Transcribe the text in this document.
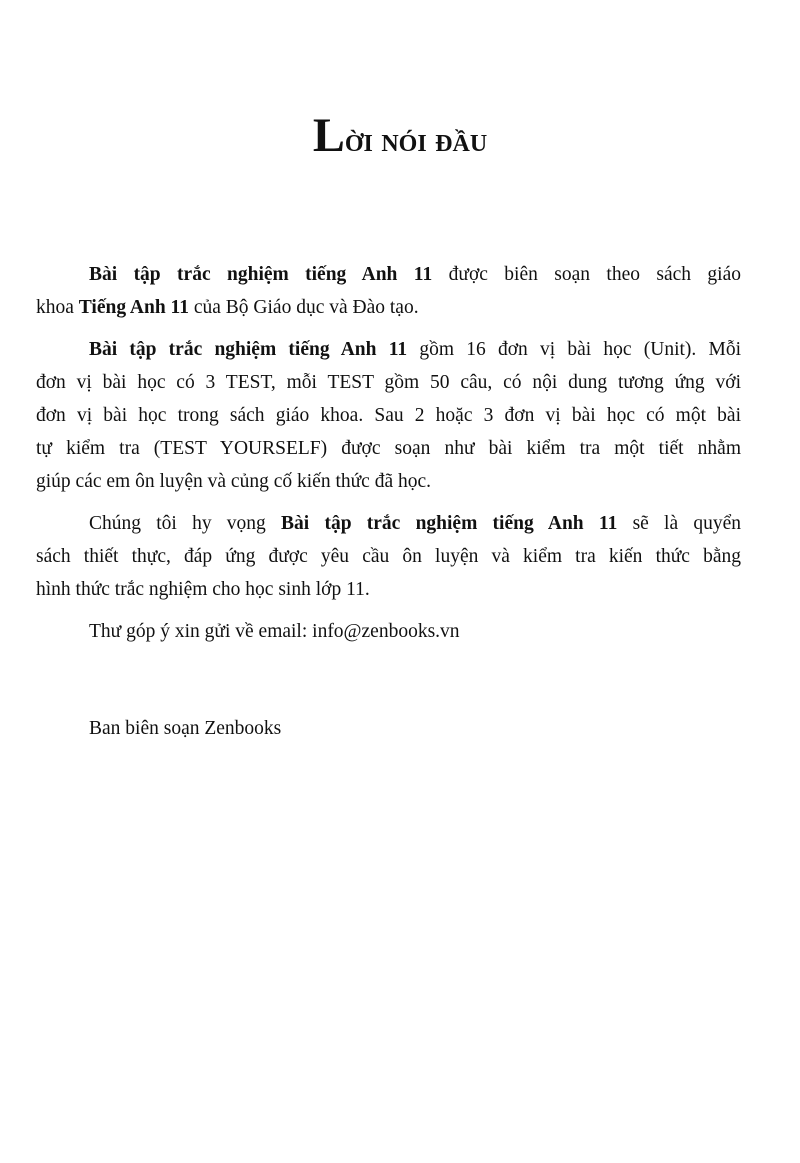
Lời nói đầu
Bài tập trắc nghiệm tiếng Anh 11 được biên soạn theo sách giáo
khoa Tiếng Anh 11 của Bộ Giáo dục và Đào tạo.
Bài tập trắc nghiệm tiếng Anh 11 gồm 16 đơn vị bài học (Unit). Mỗi
đơn vị bài học có 3 TEST, mỗi TEST gồm 50 câu, có nội dung tương ứng với
đơn vị bài học trong sách giáo khoa. Sau 2 hoặc 3 đơn vị bài học có một bài
tự kiểm tra (TEST YOURSELF) được soạn như bài kiểm tra một tiết nhằm
giúp các em ôn luyện và củng cố kiến thức đã học.
Chúng tôi hy vọng Bài tập trắc nghiệm tiếng Anh 11 sẽ là quyển
sách thiết thực, đáp ứng được yêu cầu ôn luyện và kiểm tra kiến thức bằng
hình thức trắc nghiệm cho học sinh lớp 11.
Thư góp ý xin gửi về email: info@zenbooks.vn
Ban biên soạn Zenbooks
